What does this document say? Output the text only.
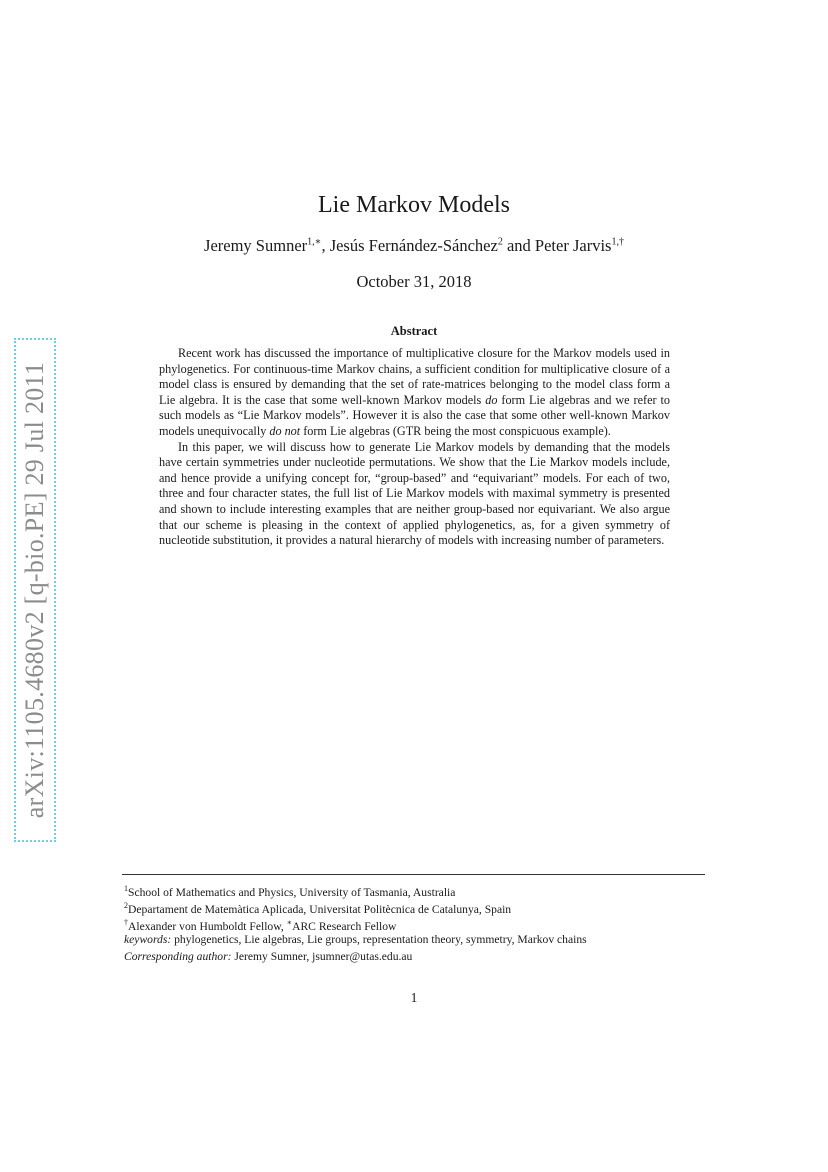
arXiv:1105.4680v2 [q-bio.PE] 29 Jul 2011
Lie Markov Models
Jeremy Sumner$^{1,∗}$, Jesús Fernández-Sánchez$^2$ and Peter Jarvis$^{1,\dagger}$
October 31, 2018
Abstract

Recent work has discussed the importance of multiplicative closure for the Markov models used in phylogenetics. For continuous-time Markov chains, a sufficient condition for multiplicative closure of a model class is ensured by demanding that the set of rate-matrices belonging to the model class form a Lie algebra. It is the case that some well-known Markov models do form Lie algebras and we refer to such models as “Lie Markov models”. However it is also the case that some other well-known Markov models unequivocally do not form Lie algebras (GTR being the most conspicuous example).

In this paper, we will discuss how to generate Lie Markov models by demanding that the models have certain symmetries under nucleotide permutations. We show that the Lie Markov models include, and hence provide a unifying concept for, “group-based” and “equivariant” models. For each of two, three and four character states, the full list of Lie Markov models with maximal symmetry is presented and shown to include interesting examples that are neither group-based nor equivariant. We also argue that our scheme is pleasing in the context of applied phylogenetics, as, for a given symmetry of nucleotide substitution, it provides a natural hierarchy of models with increasing number of parameters.

$^1$School of Mathematics and Physics, University of Tasmania, Australia

$^2$Departament de Matemàtica Aplicada, Universitat Politècnica de Catalunya, Spain

†Alexander von Humboldt Fellow, ∗ARC Research Fellow

keywords: phylogenetics, Lie algebras, Lie groups, representation theory, symmetry, Markov chains

Corresponding author: Jeremy Sumner, jsumner@utas.edu.au

1
